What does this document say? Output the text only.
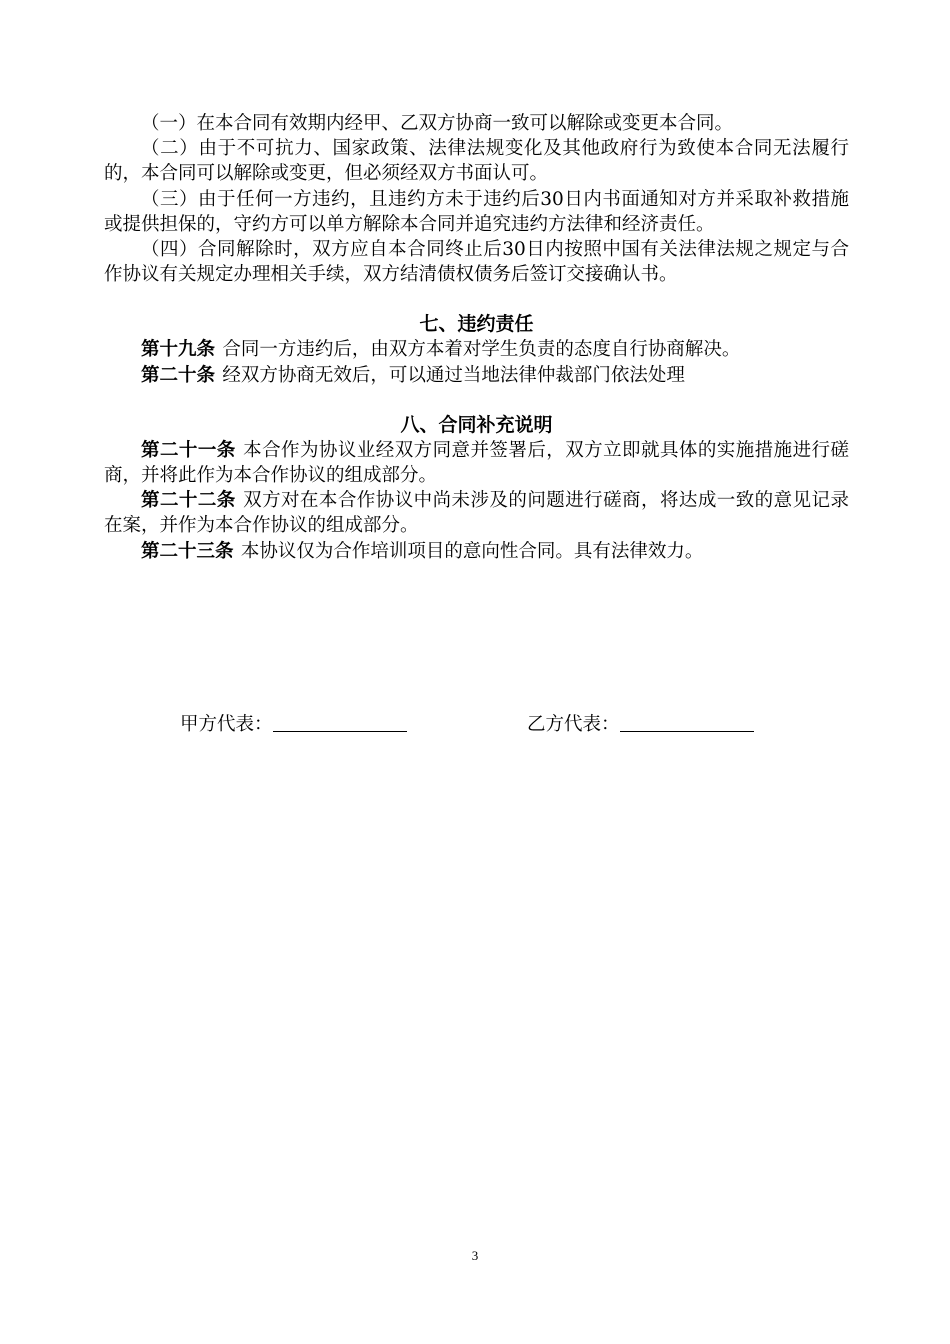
（一）在本合同有效期内经甲、乙双方协商一致可以解除或变更本合同。

（二）由于不可抗力、国家政策、法律法规变化及其他政府行为致使本合同无法履行的，本合同可以解除或变更，但必须经双方书面认可。

（三）由于任何一方违约，且违约方未于违约后30日内书面通知对方并采取补救措施或提供担保的，守约方可以单方解除本合同并追究违约方法律和经济责任。

（四）合同解除时，双方应自本合同终止后30日内按照中国有关法律法规之规定与合作协议有关规定办理相关手续，双方结清债权债务后签订交接确认书。

七、违约责任

第十九条 合同一方违约后，由双方本着对学生负责的态度自行协商解决。

第二十条 经双方协商无效后，可以通过当地法律仲裁部门依法处理

八、合同补充说明

第二十一条 本合作为协议业经双方同意并签署后，双方立即就具体的实施措施进行磋商，并将此作为本合作协议的组成部分。

第二十二条 双方对在本合作协议中尚未涉及的问题进行磋商，将达成一致的意见记录在案，并作为本合作协议的组成部分。

第二十三条 本协议仅为合作培训项目的意向性合同。具有法律效力。

甲方代表：	乙方代表：
3
